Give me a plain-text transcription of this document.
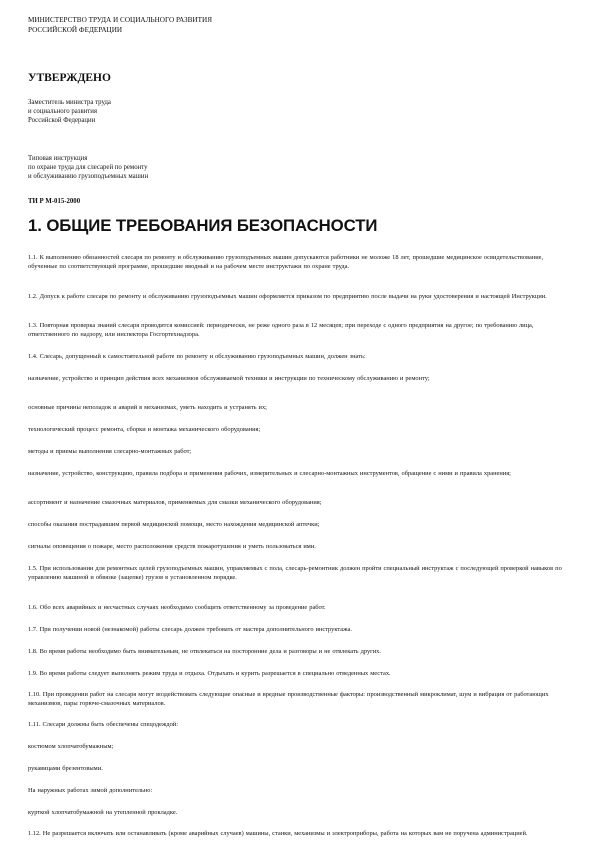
МИНИСТЕРСТВО ТРУДА И СОЦИАЛЬНОГО РАЗВИТИЯ

РОССИЙСКОЙ ФЕДЕРАЦИИ

УТВЕРЖДЕНО

Заместитель министра труда
и социального развития
Российской Федерации
Типовая инструкция
по охране труда для слесарей по ремонту
и обслуживанию грузоподъемных машин
ТИ Р М-015-2000
1. ОБЩИЕ ТРЕБОВАНИЯ БЕЗОПАСНОСТИ

1.1. К выполнению обязанностей слесаря по ремонту и обслуживанию грузоподъемных машин допускаются работники не моложе 18 лет, прошедшие медицинское освидетельствование, обученные по соответствующей программе, прошедшие вводный и на рабочем месте инструктажи по охране труда.

1.2. Допуск к работе слесаря по ремонту и обслуживанию грузоподъемных машин оформляется приказом по предприятию после выдачи на руки удостоверения и настоящей Инструкции.

1.3. Повторная проверка знаний слесаря проводится комиссией: периодически, не реже одного раза в 12 месяцев; при переходе с одного предприятия на другое; по требованию лица, ответственного по надзору, или инспектора Госгортехнадзора.

1.4. Слесарь, допущенный к самостоятельной работе по ремонту и обслуживанию грузоподъемных машин, должен знать:

назначение, устройство и принцип действия всех механизмов обслуживаемой техники и инструкции по техническому обслуживанию и ремонту;

основные причины неполадок и аварий в механизмах, уметь находить и устранять их;

технологический процесс ремонта, сборки и монтажа механического оборудования;

методы и приемы выполнения слесарно-монтажных работ;

назначение, устройство, конструкцию, правила подбора и применения рабочих, измерительных и слесарно-монтажных инструментов, обращение с ними и правила хранения;

ассортимент и назначение смазочных материалов, применяемых для смазки механического оборудования;

способы оказания пострадавшим первой медицинской помощи, место нахождения медицинской аптечки;

сигналы оповещения о пожаре, место расположения средств пожаротушения и уметь пользоваться ими.

1.5. При использовании для ремонтных целей грузоподъемных машин, управляемых с пола, слесарь-ремонтник должен пройти специальный инструктаж с последующей проверкой навыков по управлению машиной и обвязке (зацепке) грузов в установленном порядке.

1.6. Обо всех аварийных и несчастных случаях необходимо сообщить ответственному за проведение работ.

1.7. При получении новой (незнакомой) работы слесарь должен требовать от мастера дополнительного инструктажа.

1.8. Во время работы необходимо быть внимательным, не отвлекаться на посторонние дела и разговоры и не отвлекать других.

1.9. Во время работы следует выполнять режим труда и отдыха. Отдыхать и курить разрешается в специально отведенных местах.

1.10. При проведении работ на слесаря могут воздействовать следующие опасные и вредные производственные факторы: производственный микроклимат, шум и вибрация от работающих механизмов, пары горюче-смазочных материалов.

1.11. Слесари должны быть обеспечены спецодеждой:

костюмом хлопчатобумажным;

рукавицами брезентовыми.

На наружных работах зимой дополнительно:

курткой хлопчатобумажной на утепленной прокладке.

1.12. Не разрешается включать или останавливать (кроме аварийных случаев) машины, станки, механизмы и электроприборы, работа на которых вам не поручена администрацией.
